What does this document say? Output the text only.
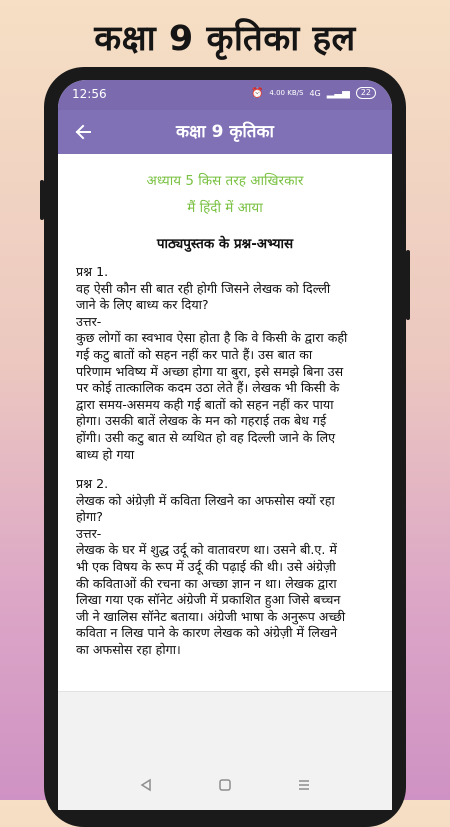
कक्षा 9 कृतिका हल
12:56	⏰ 4.00 KB/S 4G ▂▃▅	22
कक्षा 9 कृतिका
अध्याय 5 किस तरह आखिरकार
मैं हिंदी में आया
पाठ्यपुस्तक के प्रश्न-अभ्यास
प्रश्न 1.
वह ऐसी कौन सी बात रही होगी जिसने लेखक को दिल्ली
जाने के लिए बाध्य कर दिया?
उत्तर-
कुछ लोगों का स्वभाव ऐसा होता है कि वे किसी के द्वारा कही
गई कटु बातों को सहन नहीं कर पाते हैं। उस बात का
परिणाम भविष्य में अच्छा होगा या बुरा, इसे समझे बिना उस
पर कोई तात्कालिक कदम उठा लेते हैं। लेखक भी किसी के
द्वारा समय-असमय कही गई बातों को सहन नहीं कर पाया
होगा। उसकी बातें लेखक के मन को गहराई तक बेध गई
होंगी। उसी कटु बात से व्यथित हो वह दिल्ली जाने के लिए
बाध्य हो गया
प्रश्न 2.
लेखक को अंग्रेज़ी में कविता लिखने का अफसोस क्यों रहा
होगा?
उत्तर-
लेखक के घर में शुद्ध उर्दू को वातावरण था। उसने बी.ए. में
भी एक विषय के रूप में उर्दू की पढ़ाई की थी। उसे अंग्रेज़ी
की कविताओं की रचना का अच्छा ज्ञान न था। लेखक द्वारा
लिखा गया एक सॉनेट अंग्रेजी में प्रकाशित हुआ जिसे बच्चन
जी ने खालिस सॉनेट बताया। अंग्रेजी भाषा के अनुरूप अच्छी
कविता न लिख पाने के कारण लेखक को अंग्रेज़ी में लिखने
का अफसोस रहा होगा।
